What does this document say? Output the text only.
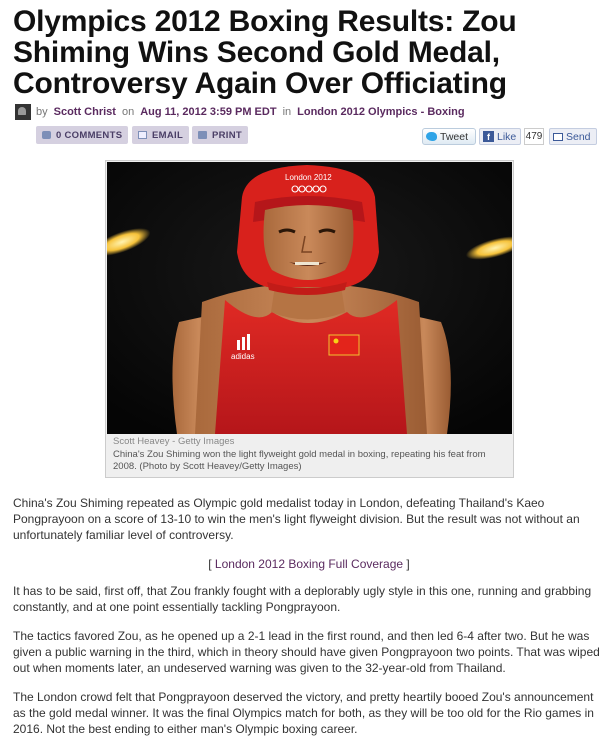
Olympics 2012 Boxing Results: Zou Shiming Wins Second Gold Medal, Controversy Again Over Officiating
by Scott Christ on Aug 11, 2012 3:59 PM EDT in London 2012 Olympics - Boxing
0 COMMENTS	EMAIL	PRINT	Tweet	f Like 479 Send
adidas
London 2012
Scott Heavey - Getty Images
China's Zou Shiming won the light flyweight gold medal in boxing, repeating his feat from 2008. (Photo by Scott Heavey/Getty Images)

China's Zou Shiming repeated as Olympic gold medalist today in London, defeating Thailand's Kaeo Pongprayoon on a score of 13-10 to win the men's light flyweight division. But the result was not without an unfortunately familiar level of controversy.

[ London 2012 Boxing Full Coverage ]

It has to be said, first off, that Zou frankly fought with a deplorably ugly style in this one, running and grabbing constantly, and at one point essentially tackling Pongprayoon.

The tactics favored Zou, as he opened up a 2-1 lead in the first round, and then led 6-4 after two. But he was given a public warning in the third, which in theory should have given Pongprayoon two points. That was wiped out when moments later, an undeserved warning was given to the 32-year-old from Thailand.

The London crowd felt that Pongprayoon deserved the victory, and pretty heartily booed Zou's announcement as the gold medal winner. It was the final Olympics match for both, as they will be too old for the Rio games in 2016. Not the best ending to either man's Olympic boxing career.
